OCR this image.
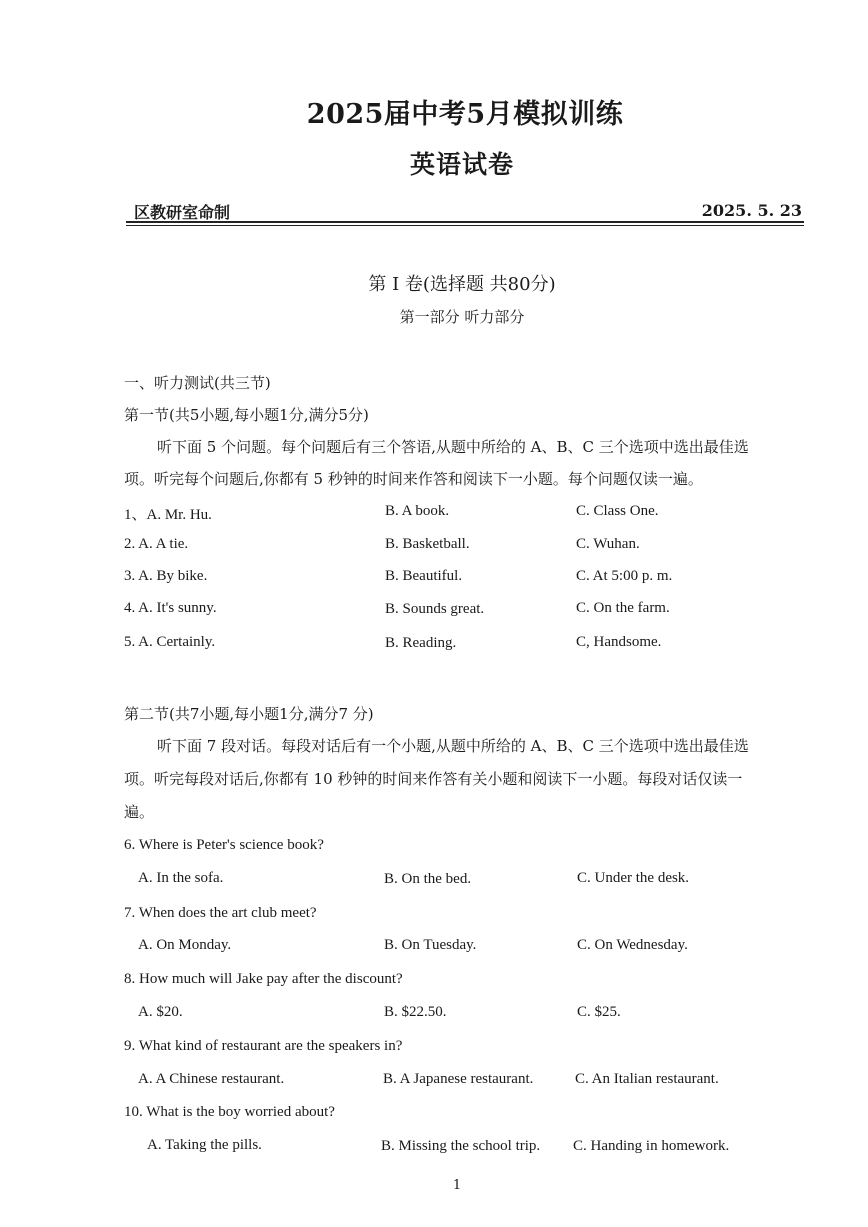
2025届中考5月模拟训练
英语试卷
区教研室命制	2025. 5. 23
第 Ⅰ 卷(选择题 共80分)
第一部分 听力部分
一、听力测试(共三节)
第一节(共5小题,每小题1分,满分5分)
听下面 5 个问题。每个问题后有三个答语,从题中所给的 A、B、C 三个选项中选出最佳选
项。听完每个问题后,你都有 5 秒钟的时间来作答和阅读下一小题。每个问题仅读一遍。
1、A. Mr. Hu.	B. A book.	C. Class One.
2. A. A tie.	B. Basketball.	C. Wuhan.
3. A. By bike.	B. Beautiful.	C. At 5:00 p. m.
4. A. It's sunny.	B. Sounds great.	C. On the farm.
5. A. Certainly.	B. Reading.	C, Handsome.
第二节(共7小题,每小题1分,满分7 分)
听下面 7 段对话。每段对话后有一个小题,从题中所给的 A、B、C 三个选项中选出最佳选
项。听完每段对话后,你都有 10 秒钟的时间来作答有关小题和阅读下一小题。每段对话仅读一
遍。
6. Where is Peter's science book?
A. In the sofa.	B. On the bed.	C. Under the desk.
7. When does the art club meet?
A. On Monday.	B. On Tuesday.	C. On Wednesday.
8. How much will Jake pay after the discount?
A. $20.	B. $22.50.	C. $25.
9. What kind of restaurant are the speakers in?
A. A Chinese restaurant.	B. A Japanese restaurant.	C. An Italian restaurant.
10. What is the boy worried about?
A. Taking the pills.	B. Missing the school trip. C. Handing in homework.
1
